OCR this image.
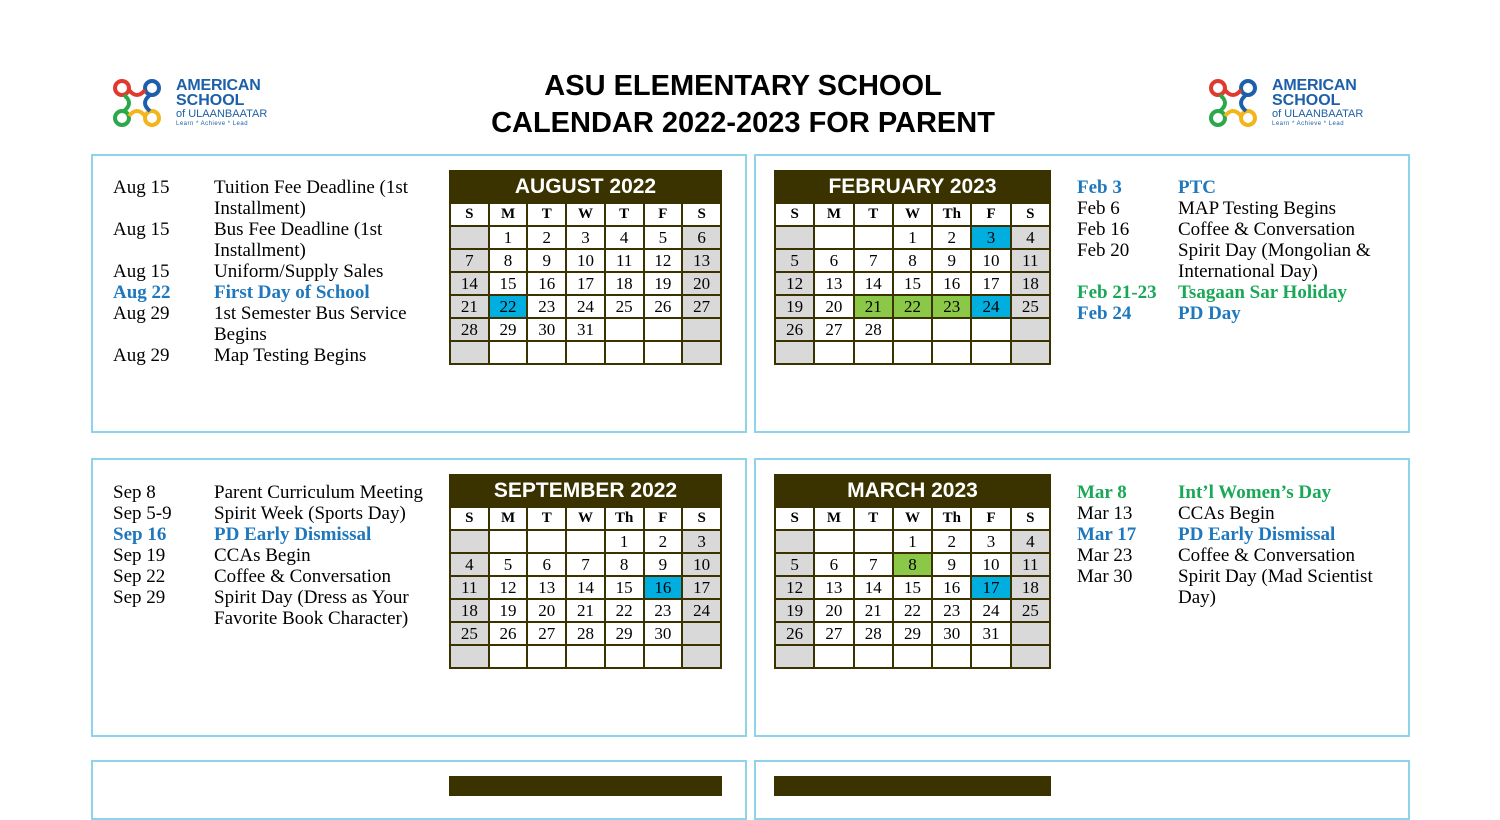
AMERICAN
SCHOOL
of ULAANBAATAR
Learn * Achieve * Lead
AMERICAN
SCHOOL
of ULAANBAATAR
Learn * Achieve * Lead
ASU ELEMENTARY SCHOOL
CALENDAR 2022-2023 FOR PARENT
Aug 15	Tuition Fee Deadline (1st Installment)
Aug 15	Bus Fee Deadline (1st Installment)
Aug 15	Uniform/Supply Sales
Aug 22	First Day of School
Aug 29	1st Semester Bus Service Begins
Aug 29	Map Testing Begins
Feb 3	PTC
Feb 6	MAP Testing Begins
Feb 16	Coffee & Conversation
Feb 20	Spirit Day (Mongolian & International Day)
Feb 21-23	Tsagaan Sar Holiday
Feb 24	PD Day
Sep 8	Parent Curriculum Meeting
Sep 5-9	Spirit Week (Sports Day)
Sep 16	PD Early Dismissal
Sep 19	CCAs Begin
Sep 22	Coffee & Conversation
Sep 29	Spirit Day (Dress as Your Favorite Book Character)
Mar 8	Int’l Women’s Day
Mar 13	CCAs Begin
Mar 17	PD Early Dismissal
Mar 23	Coffee & Conversation
Mar 30	Spirit Day (Mad Scientist Day)
AUGUST 2022						
S	M	T	W	T	F	S
	1	2	3	4	5	6
7	8	9	10	11	12	13
14	15	16	17	18	19	20
21	22	23	24	25	26	27
28	29	30	31			

FEBRUARY 2023						
S	M	T	W	Th	F	S
			1	2	3	4
5	6	7	8	9	10	11
12	13	14	15	16	17	18
19	20	21	22	23	24	25
26	27	28				

SEPTEMBER 2022						
S	M	T	W	Th	F	S
				1	2	3
4	5	6	7	8	9	10
11	12	13	14	15	16	17
18	19	20	21	22	23	24
25	26	27	28	29	30	

MARCH 2023						
S	M	T	W	Th	F	S
			1	2	3	4
5	6	7	8	9	10	11
12	13	14	15	16	17	18
19	20	21	22	23	24	25
26	27	28	29	30	31	
